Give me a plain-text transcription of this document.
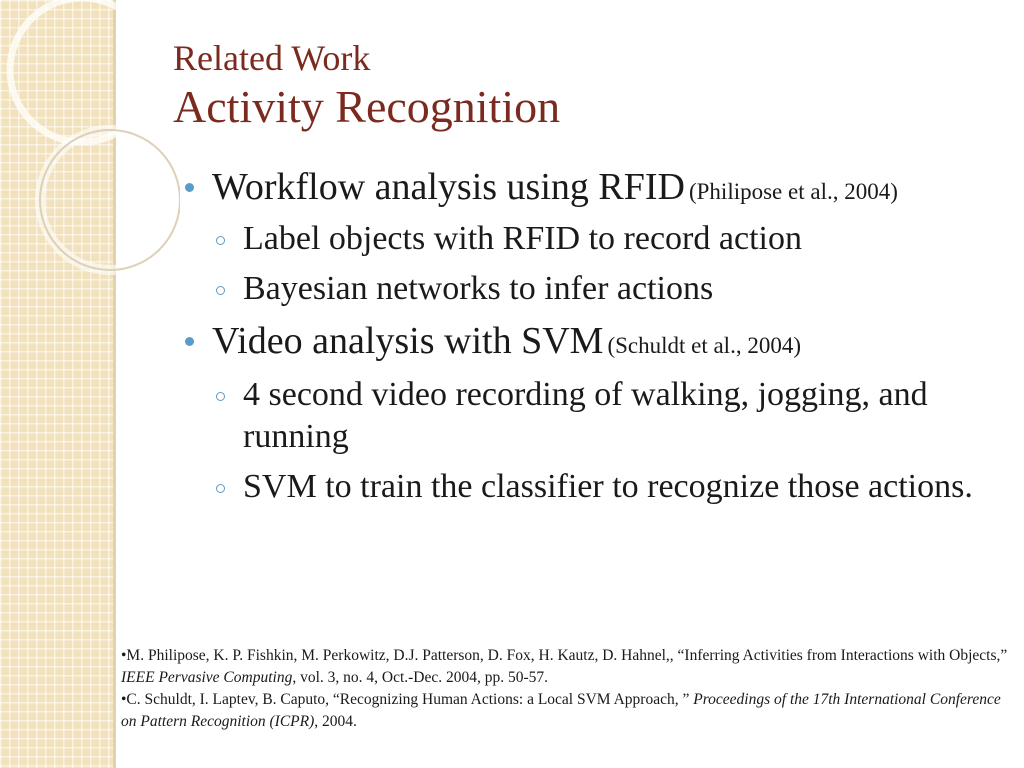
Related Work
Activity Recognition
Workflow analysis using RFID (Philipose et al., 2004)
Label objects with RFID to record action
Bayesian networks to infer actions
Video analysis with SVM (Schuldt et al., 2004)
4 second video recording of walking, jogging, and running
SVM to train the classifier to recognize those actions.
•M. Philipose, K. P. Fishkin, M. Perkowitz, D.J. Patterson, D. Fox, H. Kautz, D. Hahnel,, “Inferring Activities from Interactions with Objects,” IEEE Pervasive Computing, vol. 3, no. 4, Oct.-Dec. 2004, pp. 50-57.
•C. Schuldt, I. Laptev, B. Caputo, “Recognizing Human Actions: a Local SVM Approach, ” Proceedings of the 17th International Conference on Pattern Recognition (ICPR), 2004.
